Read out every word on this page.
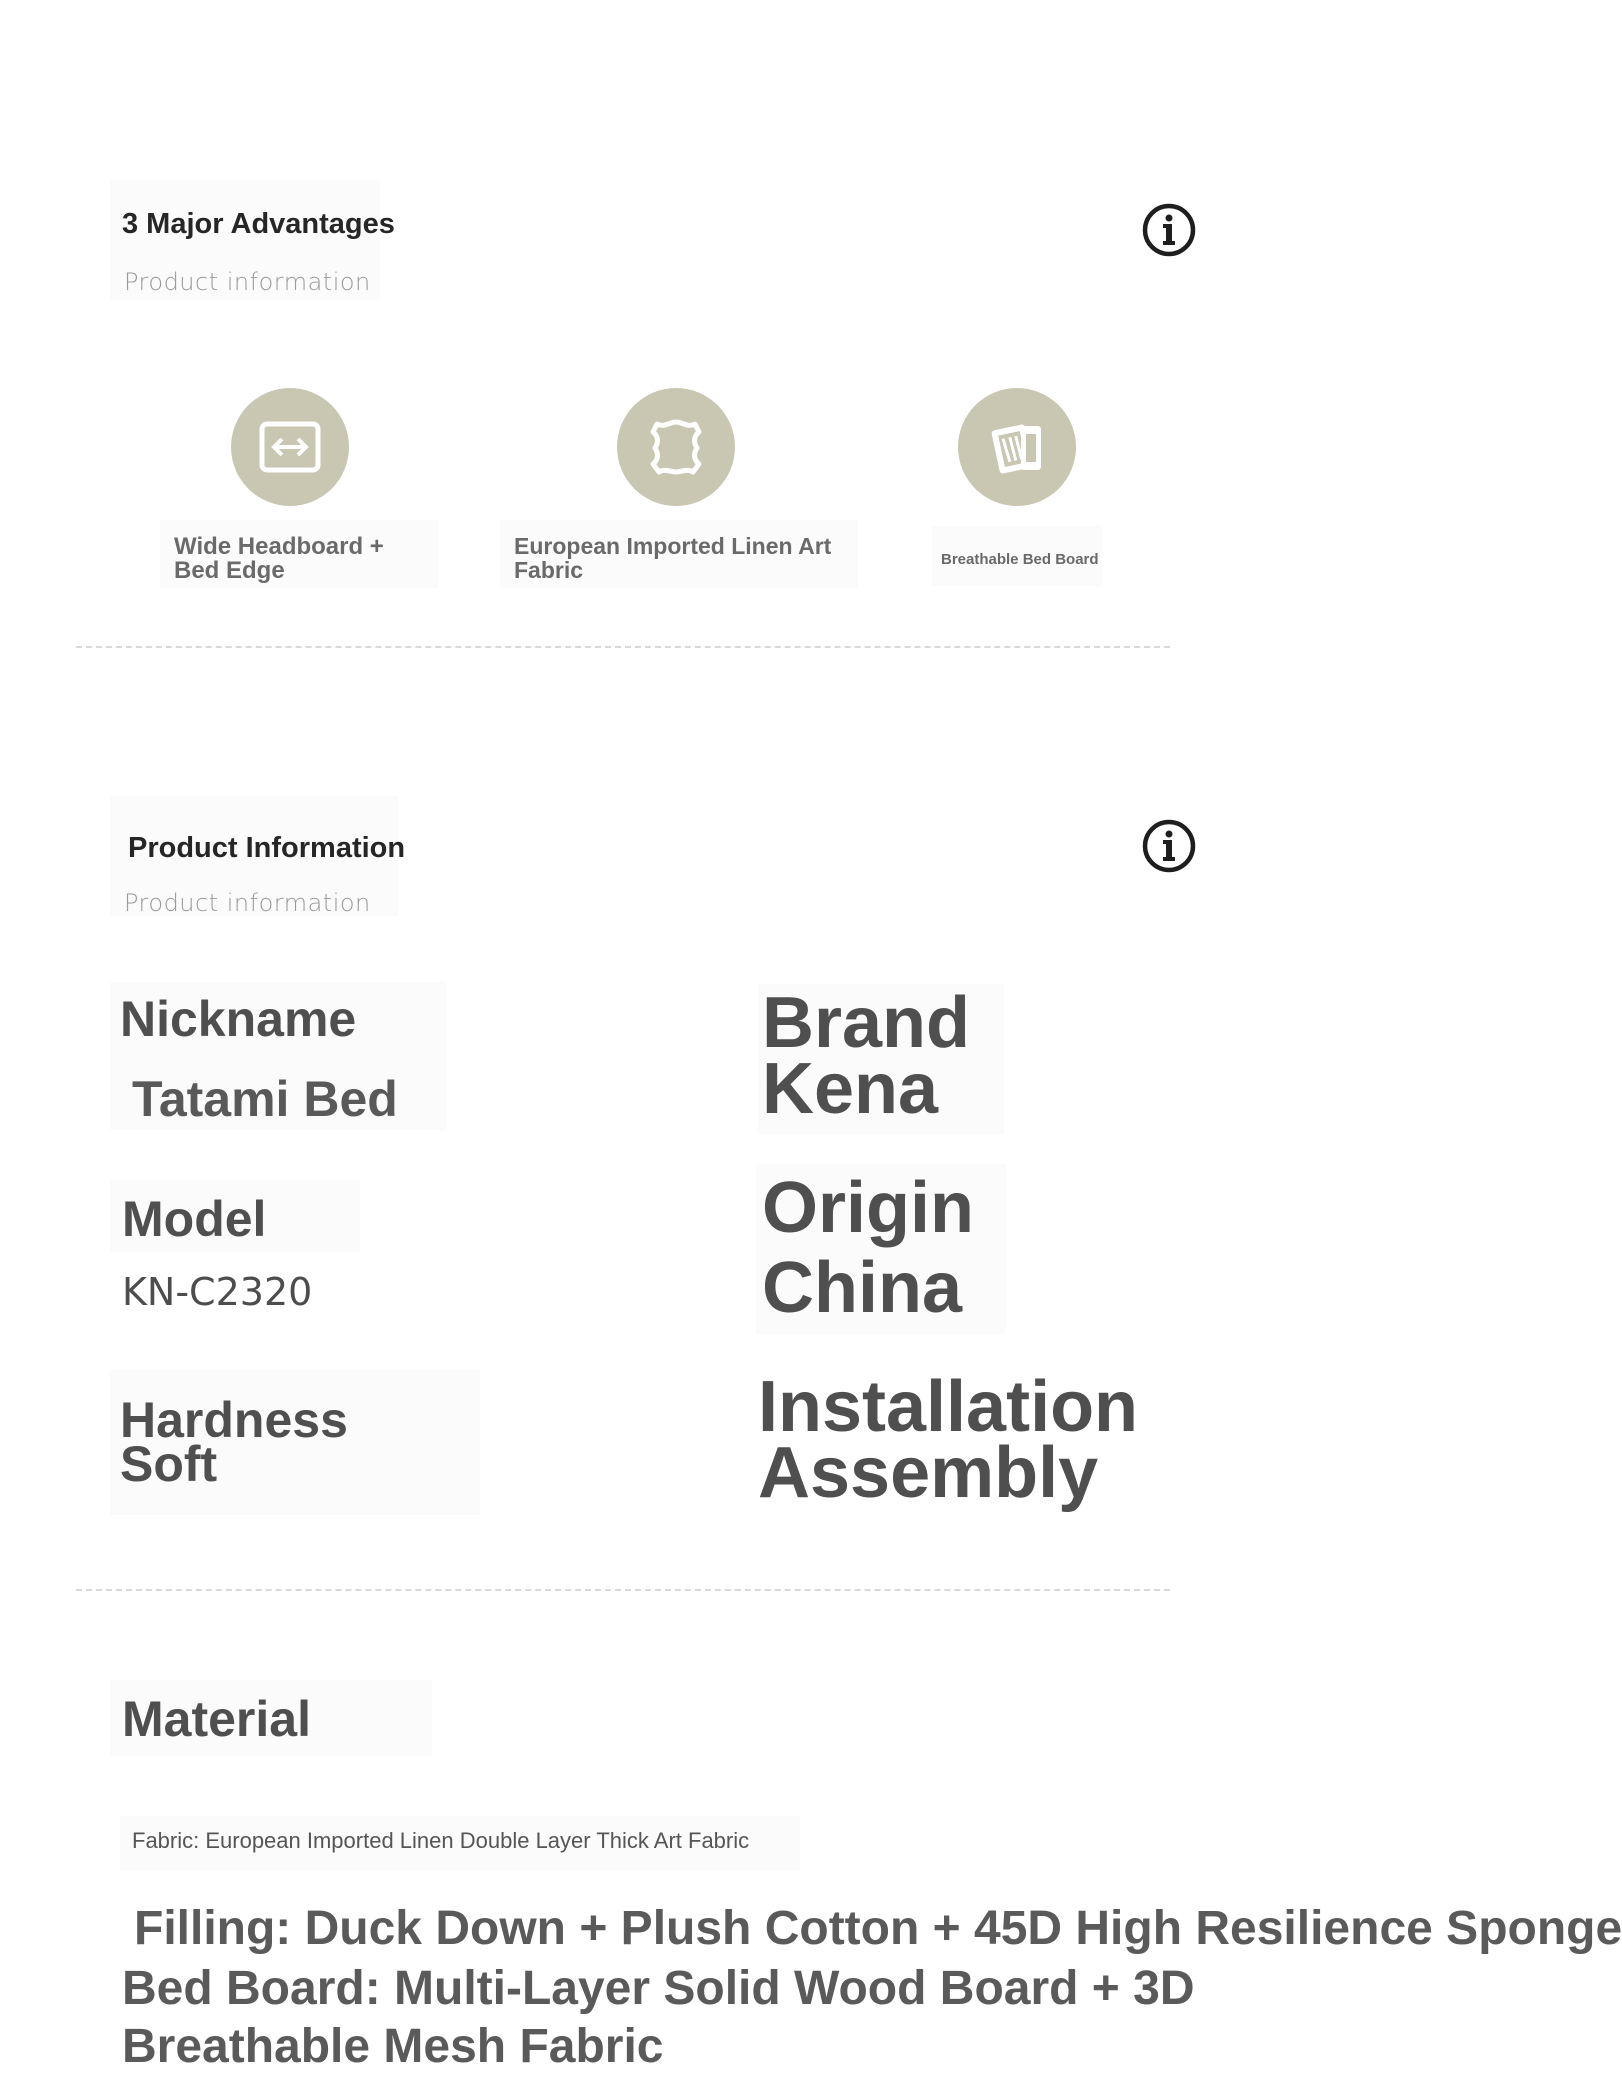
3 Major Advantages
Product information
Wide Headboard + Bed Edge
European Imported Linen Art Fabric	Breathable Bed Board
Product Information
Product information
Nickname
Tatami Bed
Brand
Kena
Model
KN-C2320
Origin
China
Hardness
Soft
Installation
Assembly
Material
Fabric: European Imported Linen Double Layer Thick Art Fabric
Filling: Duck Down + Plush Cotton + 45D High Resilience Sponge
Bed Board: Multi-Layer Solid Wood Board + 3D Breathable Mesh Fabric
